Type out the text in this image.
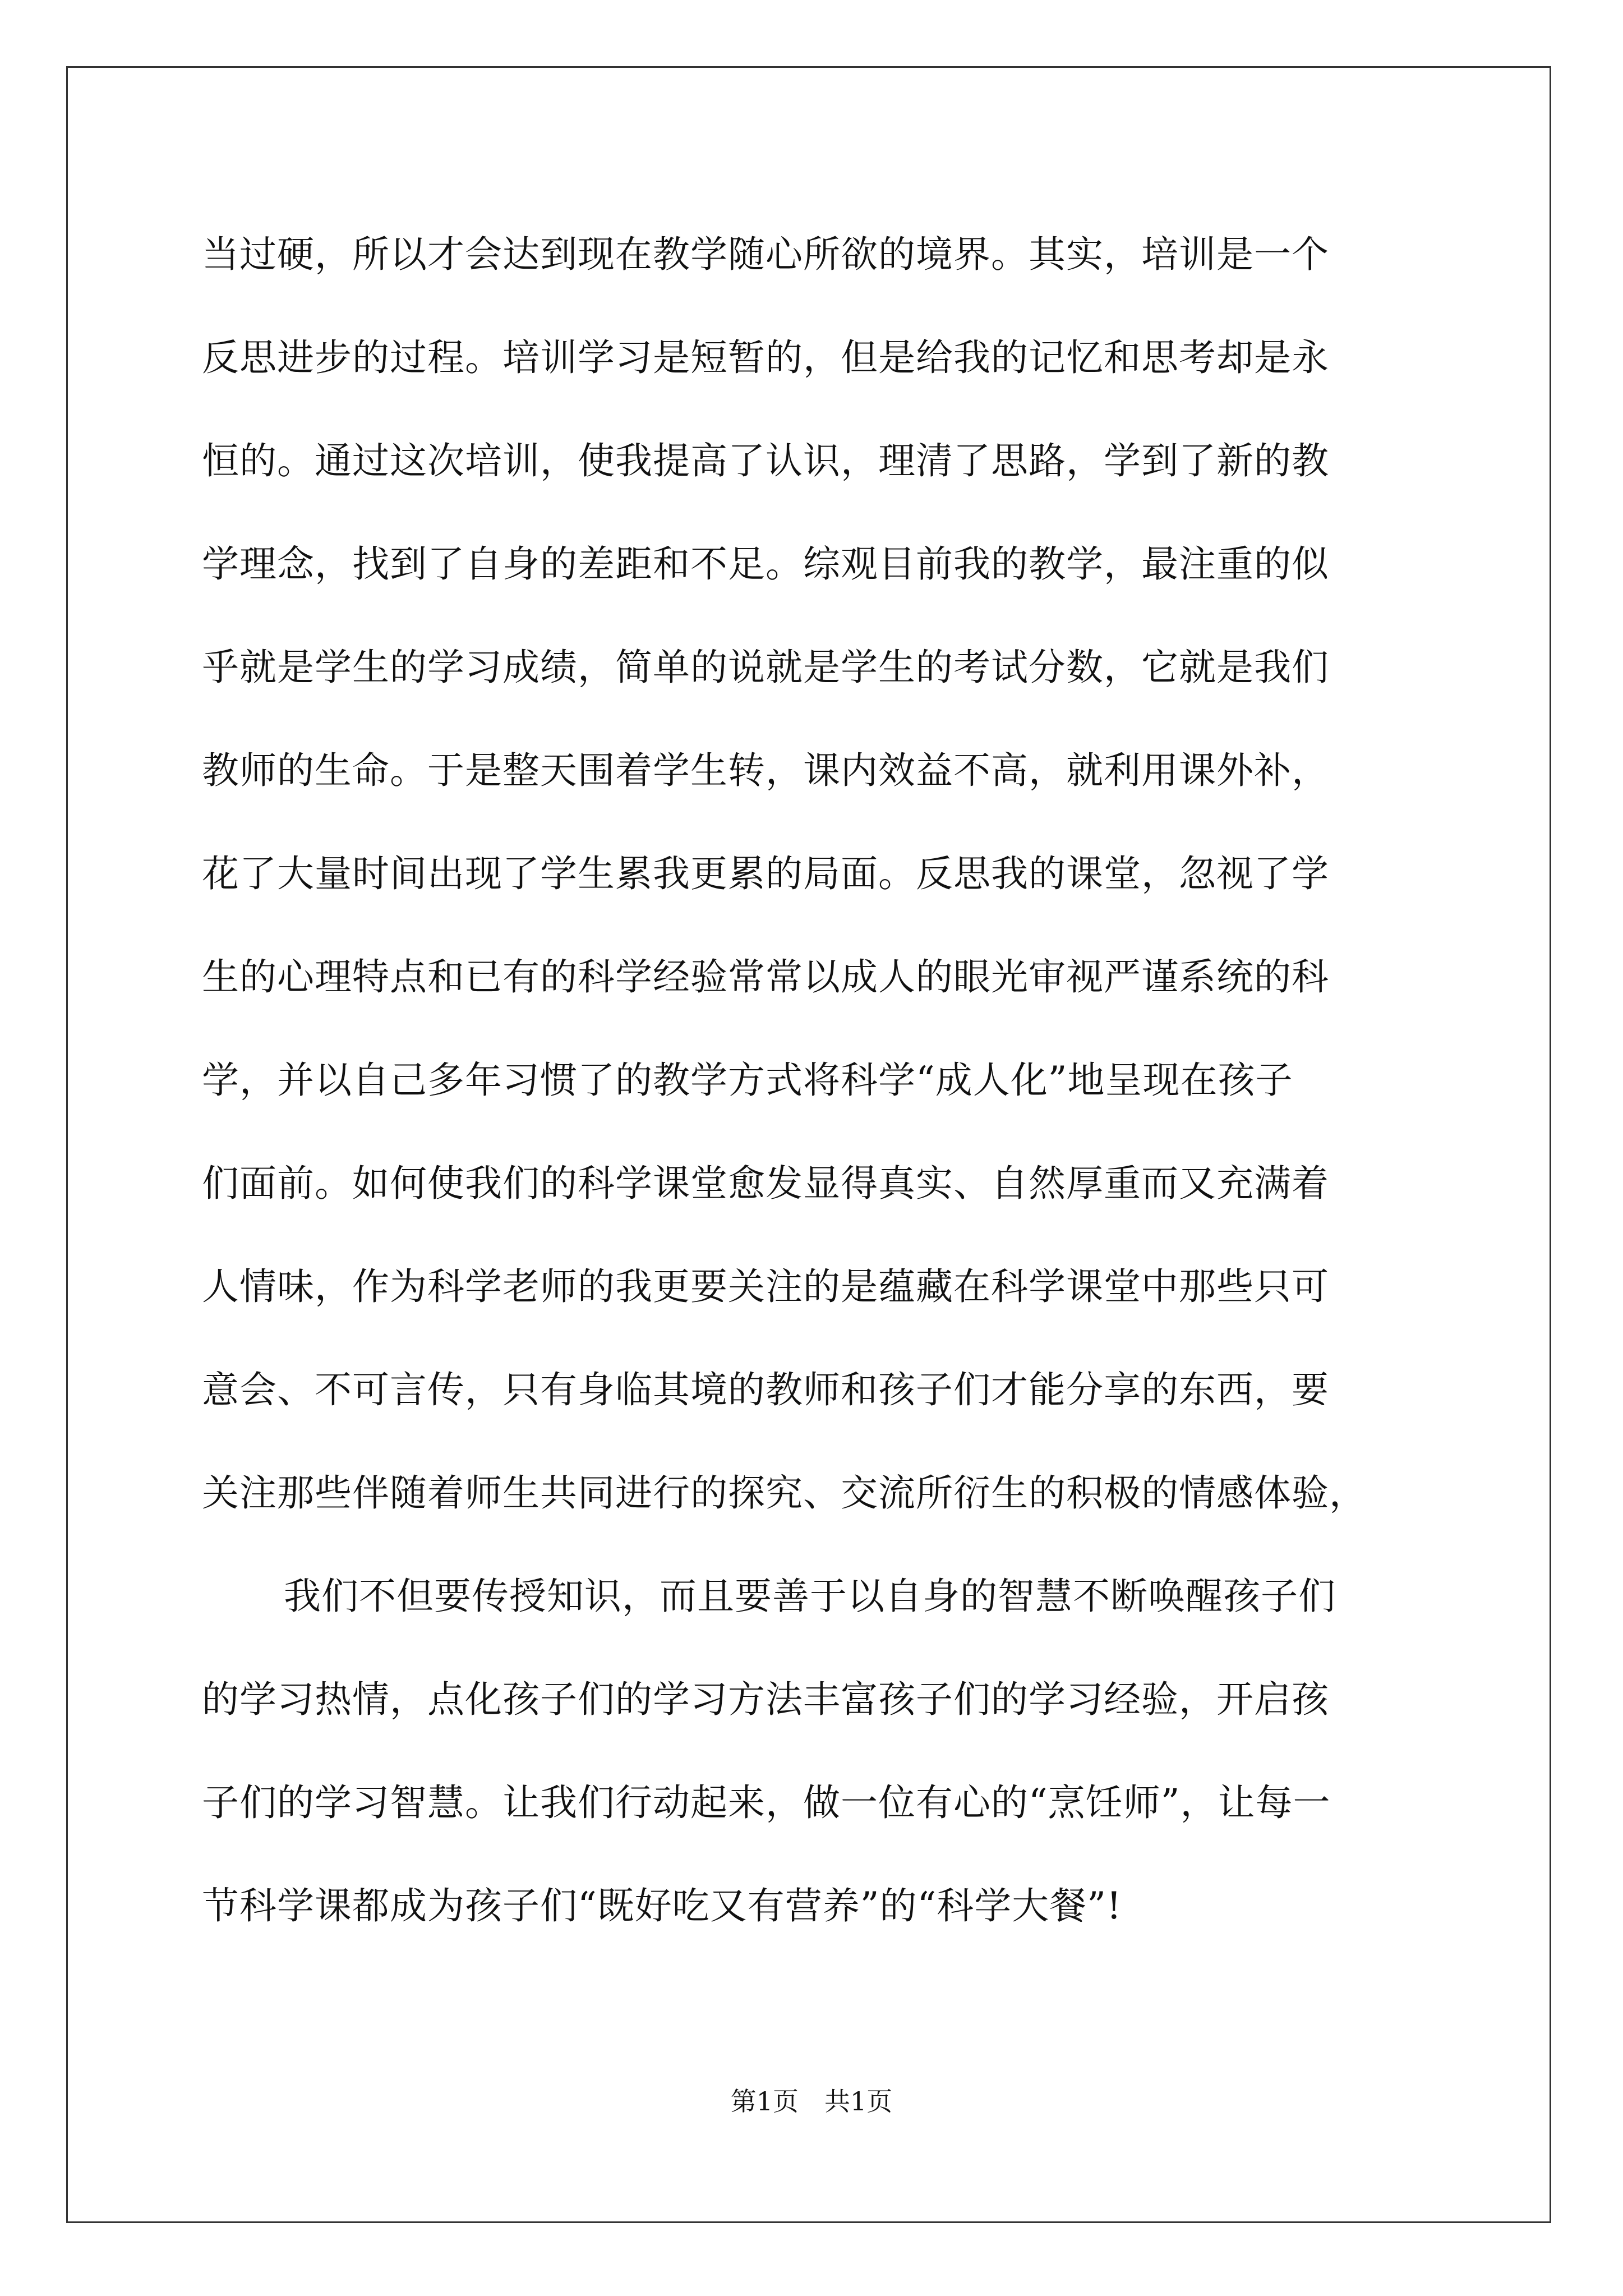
当过硬，所以才会达到现在教学随心所欲的境界。其实，培训是一个
反思进步的过程。培训学习是短暂的，但是给我的记忆和思考却是永
恒的。通过这次培训，使我提高了认识，理清了思路，学到了新的教
学理念，找到了自身的差距和不足。综观目前我的教学，最注重的似
乎就是学生的学习成绩，简单的说就是学生的考试分数，它就是我们
教师的生命。于是整天围着学生转，课内效益不高，就利用课外补，
花了大量时间出现了学生累我更累的局面。反思我的课堂，忽视了学
生的心理特点和已有的科学经验常常以成人的眼光审视严谨系统的科
学，并以自己多年习惯了的教学方式将科学“成人化”地呈现在孩子
们面前。如何使我们的科学课堂愈发显得真实、自然厚重而又充满着
人情味，作为科学老师的我更要关注的是蕴藏在科学课堂中那些只可
意会、不可言传，只有身临其境的教师和孩子们才能分享的东西，要
关注那些伴随着师生共同进行的探究、交流所衍生的积极的情感体验，
我们不但要传授知识，而且要善于以自身的智慧不断唤醒孩子们
的学习热情，点化孩子们的学习方法丰富孩子们的学习经验，开启孩
子们的学习智慧。让我们行动起来，做一位有心的“烹饪师”，让每一
节科学课都成为孩子们“既好吃又有营养”的“科学大餐”!
第1页　共1页
